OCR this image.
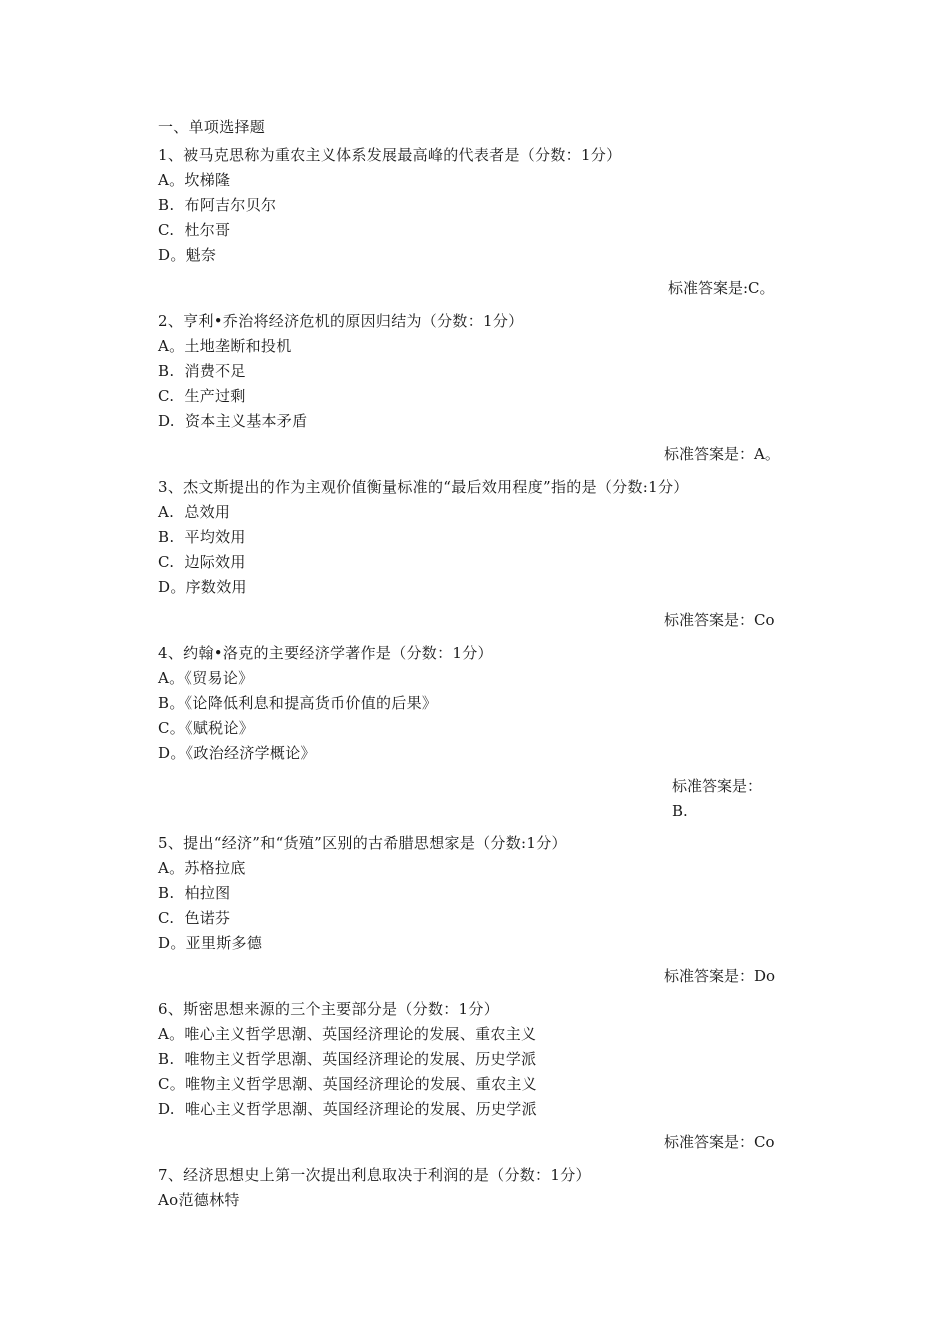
一、单项选择题
1、被马克思称为重农主义体系发展最高峰的代表者是（分数：1分）
A。坎梯隆
B.  布阿吉尔贝尔
C.  杜尔哥
D。魁奈
标准答案是:C。
2、亨利•乔治将经济危机的原因归结为（分数：1分）
A。土地垄断和投机
B.  消费不足
C.  生产过剩
D.  资本主义基本矛盾
标准答案是：A。
3、杰文斯提出的作为主观价值衡量标准的“最后效用程度”指的是（分数:1分）
A.  总效用
B.  平均效用
C.  边际效用
D。序数效用
标准答案是：Co
4、约翰•洛克的主要经济学著作是（分数：1分）
A。《贸易论》
B。《论降低利息和提高货币价值的后果》
C。《赋税论》
D。《政治经济学概论》
标准答案是：
B.
5、提出“经济”和“货殖”区别的古希腊思想家是（分数:1分）
A。苏格拉底
B.  柏拉图
C.  色诺芬
D。亚里斯多德
标准答案是：Do
6、斯密思想来源的三个主要部分是（分数：1分）
A。唯心主义哲学思潮、英国经济理论的发展、重农主义
B.  唯物主义哲学思潮、英国经济理论的发展、历史学派
C。唯物主义哲学思潮、英国经济理论的发展、重农主义
D.  唯心主义哲学思潮、英国经济理论的发展、历史学派
标准答案是：Co
7、经济思想史上第一次提出利息取决于利润的是（分数：1分）
Ao范德林特
